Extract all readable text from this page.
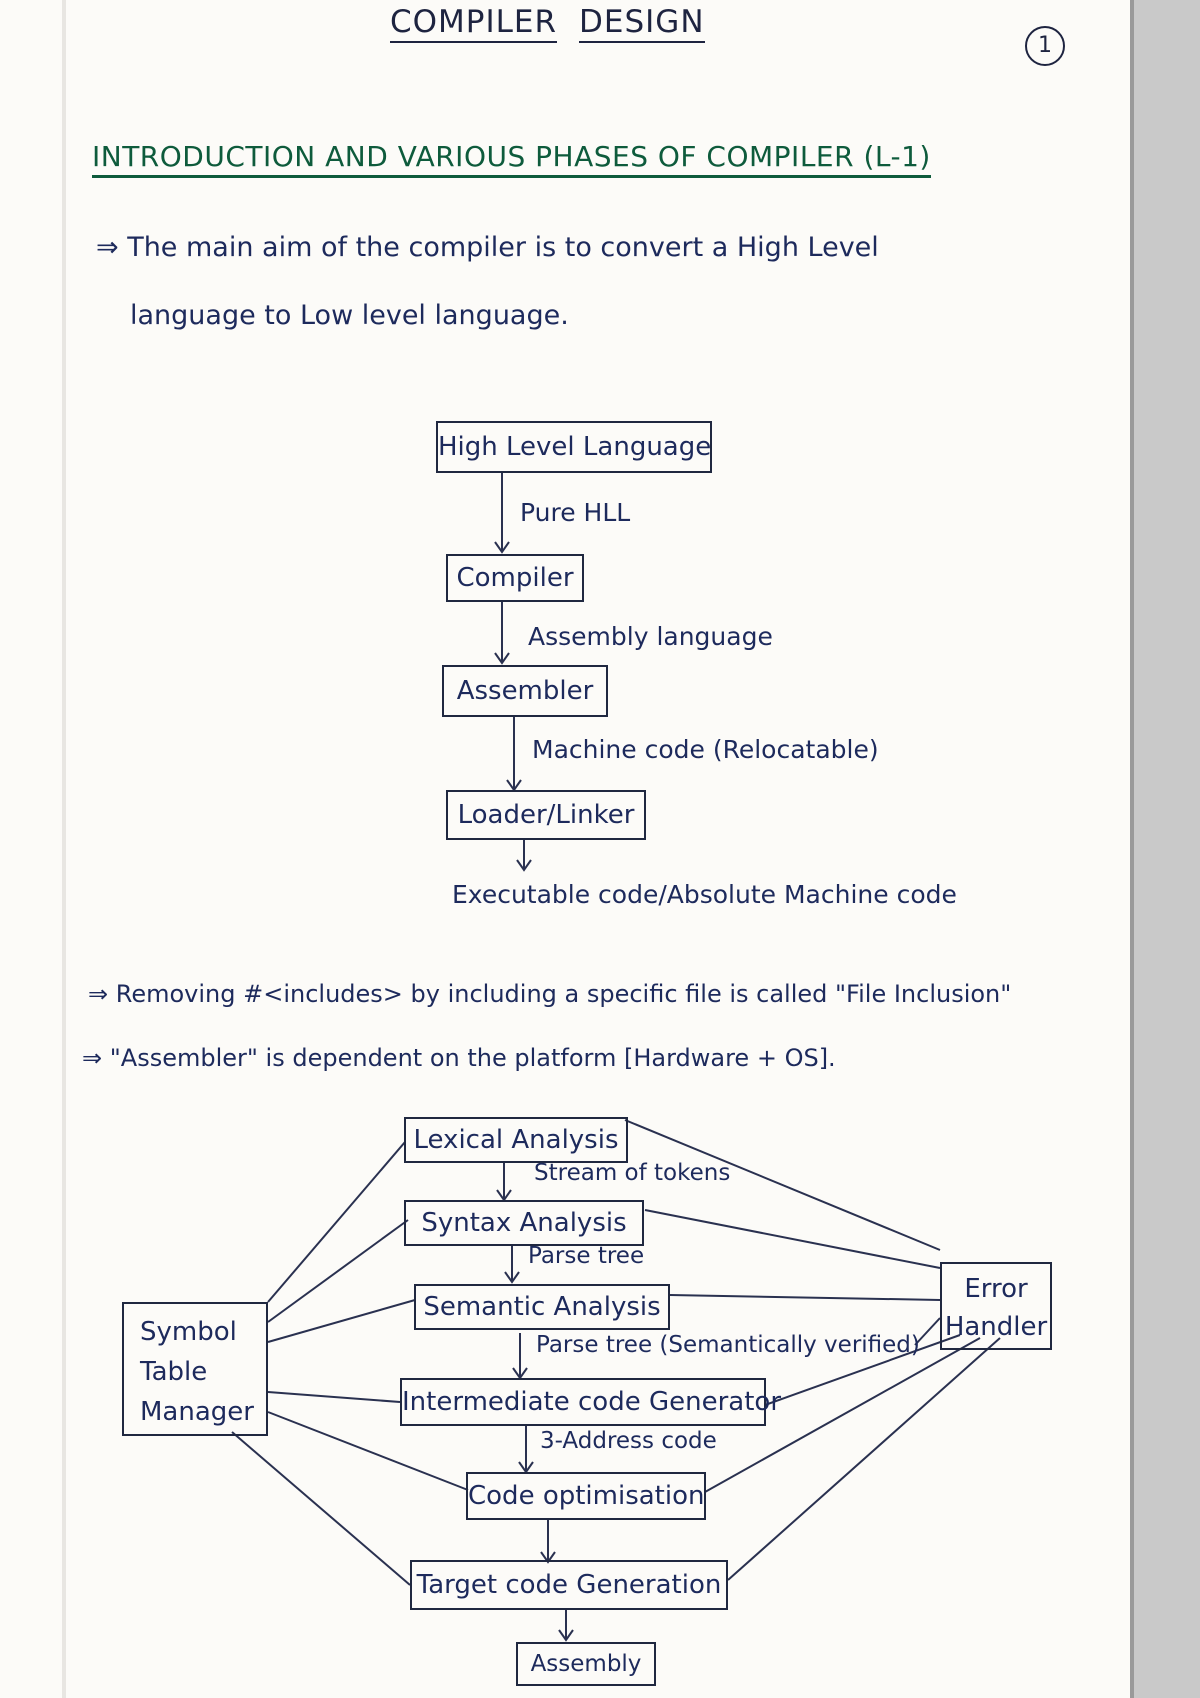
COMPILER DESIGN
1
INTRODUCTION AND VARIOUS PHASES OF COMPILER (L-1)
⇒ The main aim of the compiler is to convert a High Level
language to Low level language.
High Level Language
Pure HLL
Compiler
Assembly language
Assembler
Machine code (Relocatable)
Loader/Linker
Executable code/Absolute Machine code
⇒ Removing #<includes> by including a specific file is called "File Inclusion"
⇒ "Assembler" is dependent on the platform [Hardware + OS].
Lexical Analysis
Stream of tokens
Syntax Analysis
Parse tree
Semantic Analysis
Parse tree (Semantically verified)
Intermediate code Generator
3-Address code
Code optimisation
Target code Generation
Assembly
Symbol
Table
Manager
Error
Handler
